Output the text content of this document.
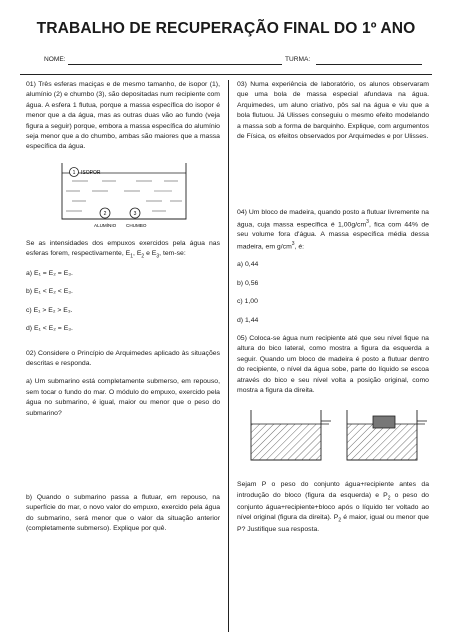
TRABALHO DE RECUPERAÇÃO FINAL DO 1º ANO
NOME:	TURMA:

01) Três esferas maciças e de mesmo tamanho, de isopor (1), alumínio (2) e chumbo (3), são depositadas num recipiente com água. A esfera 1 flutua, porque a massa específica do isopor é menor que a da água, mas as outras duas vão ao fundo (veja figura a seguir) porque, embora a massa específica do alumínio seja menor que a do chumbo, ambas são maiores que a massa específica da água.

1 ISOPOR
2	3
ALUMÍNIO CHUMBO

Se as intensidades dos empuxos exercidos pela água nas esferas forem, respectivamente, $E_1$, $E_2$ e $E_3$, tem-se:

a) E₁ = E₂ = E₃.

b) E₁ < E₂ < E₃.

c) E₁ > E₂ > E₃.

d) E₁ < E₂ = E₃.

02) Considere o Princípio de Arquimedes aplicado às situações descritas e responda.

a) Um submarino está completamente submerso, em repouso, sem tocar o fundo do mar. O módulo do empuxo, exercido pela água no submarino, é igual, maior ou menor que o peso do submarino?

b) Quando o submarino passa a flutuar, em repouso, na superfície do mar, o novo valor do empuxo, exercido pela água do submarino, será menor que o valor da situação anterior (completamente submerso). Explique por quê.

03) Numa experiência de laboratório, os alunos observaram que uma bola de massa especial afundava na água. Arquimedes, um aluno criativo, pôs sal na água e viu que a bola flutuou. Já Ulisses conseguiu o mesmo efeito modelando a massa sob a forma de barquinho. Explique, com argumentos de Física, os efeitos observados por Arquimedes e por Ulisses.

04) Um bloco de madeira, quando posto a flutuar livremente na água, cuja massa específica é $1,00g/cm^3$, fica com 44% de seu volume fora d'água. A massa específica média dessa madeira, em $g/cm^3$, é:

a) 0,44

b) 0,56

c) 1,00

d) 1,44

05) Coloca-se água num recipiente até que seu nível fique na altura do bico lateral, como mostra a figura da esquerda a seguir. Quando um bloco de madeira é posto a flutuar dentro do recipiente, o nível da água sobe, parte do líquido se escoa através do bico e seu nível volta a posição original, como mostra a figura da direita.

Sejam P o peso do conjunto água+recipiente antes da introdução do bloco (figura da esquerda) e $P_2$ o peso do conjunto água+recipiente+bloco após o líquido ter voltado ao nível original (figura da direita). $P_2$ é maior, igual ou menor que P? Justifique sua resposta.
